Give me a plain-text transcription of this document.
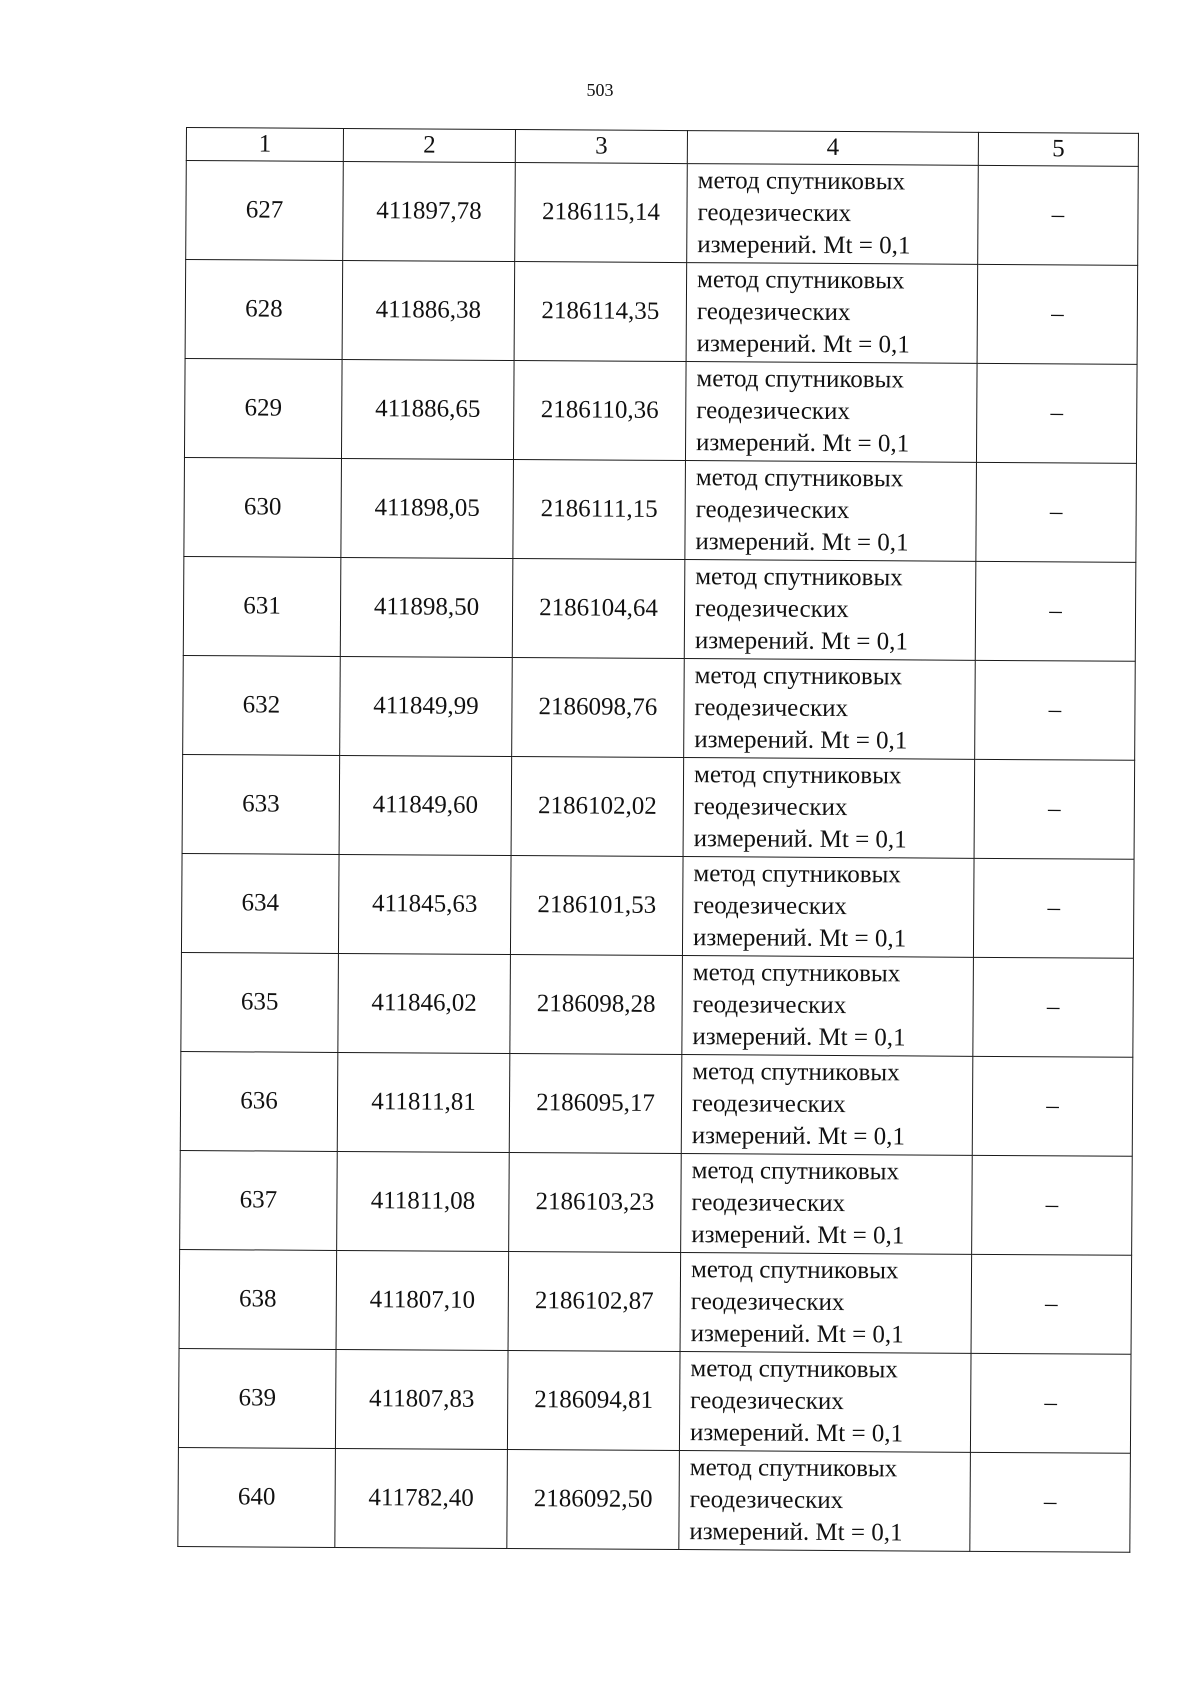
503
1	2	3	4	5
627	411897,78	2186115,14	метод спутниковых
геодезических
измерений. Mt = 0,1	–
628	411886,38	2186114,35	метод спутниковых
геодезических
измерений. Mt = 0,1	–
629	411886,65	2186110,36	метод спутниковых
геодезических
измерений. Mt = 0,1	–
630	411898,05	2186111,15	метод спутниковых
геодезических
измерений. Mt = 0,1	–
631	411898,50	2186104,64	метод спутниковых
геодезических
измерений. Mt = 0,1	–
632	411849,99	2186098,76	метод спутниковых
геодезических
измерений. Mt = 0,1	–
633	411849,60	2186102,02	метод спутниковых
геодезических
измерений. Mt = 0,1	–
634	411845,63	2186101,53	метод спутниковых
геодезических
измерений. Mt = 0,1	–
635	411846,02	2186098,28	метод спутниковых
геодезических
измерений. Mt = 0,1	–
636	411811,81	2186095,17	метод спутниковых
геодезических
измерений. Mt = 0,1	–
637	411811,08	2186103,23	метод спутниковых
геодезических
измерений. Mt = 0,1	–
638	411807,10	2186102,87	метод спутниковых
геодезических
измерений. Mt = 0,1	–
639	411807,83	2186094,81	метод спутниковых
геодезических
измерений. Mt = 0,1	–
640	411782,40	2186092,50	метод спутниковых
геодезических
измерений. Mt = 0,1	–
